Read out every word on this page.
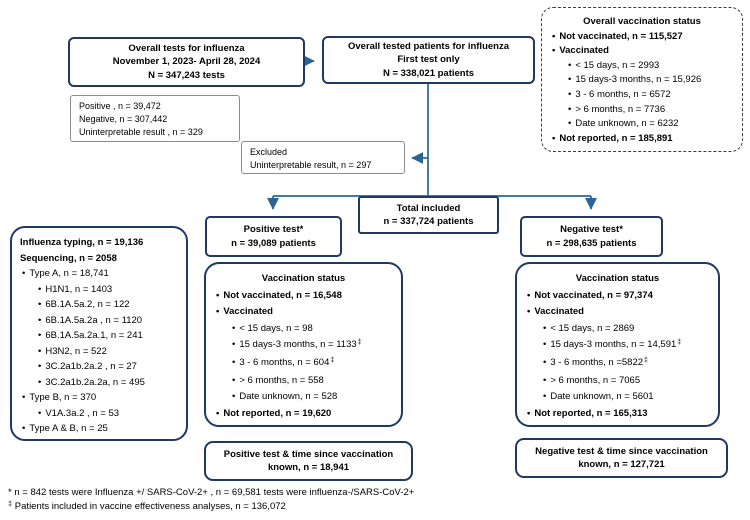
Overall tests for influenza
November 1, 2023- April 28, 2024
N = 347,243 tests
Overall tested patients for influenza
First test only
N = 338,021 patients
Overall vaccination status
• Not vaccinated, n = 115,527
• Vaccinated
• < 15 days, n = 2993
• 15 days-3 months, n = 15,926
• 3 - 6 months, n = 6572
• > 6 months, n = 7736
• Date unknown, n = 6232
• Not reported, n = 185,891
Positive , n = 39,472
Negative, n = 307,442
Uninterpretable result , n = 329
Excluded
Uninterpretable result, n = 297
Total included
n = 337,724 patients
Positive test*
n = 39,089 patients
Negative test*
n = 298,635 patients
Influenza typing, n = 19,136
Sequencing, n = 2058
• Type A, n = 18,741
• H1N1, n = 1403
• 6B.1A.5a.2, n = 122
• 6B.1A.5a.2a , n = 1120
• 6B.1A.5a.2a.1, n = 241
• H3N2, n = 522
• 3C.2a1b.2a.2 , n = 27
• 3C.2a1b.2a.2a, n = 495
• Type B, n = 370
• V1A.3a.2 , n = 53
• Type A & B, n = 25
Vaccination status
• Not vaccinated, n = 16,548
• Vaccinated
• < 15 days, n = 98
• 15 days-3 months, n = 1133‡
• 3 - 6 months, n = 604‡
• > 6 months, n = 558
• Date unknown, n = 528
• Not reported, n = 19,620
Vaccination status
• Not vaccinated, n = 97,374
• Vaccinated
• < 15 days, n = 2869
• 15 days-3 months, n = 14,591‡
• 3 - 6 months, n =5822‡
• > 6 months, n = 7065
• Date unknown, n = 5601
• Not reported, n = 165,313
Positive test & time since vaccination
known, n = 18,941
Negative test & time since vaccination
known, n = 127,721
* n = 842 tests were Influenza +/ SARS-CoV-2+ , n = 69,581 tests were influenza-/SARS-CoV-2+
‡ Patients included in vaccine effectiveness analyses, n = 136,072
